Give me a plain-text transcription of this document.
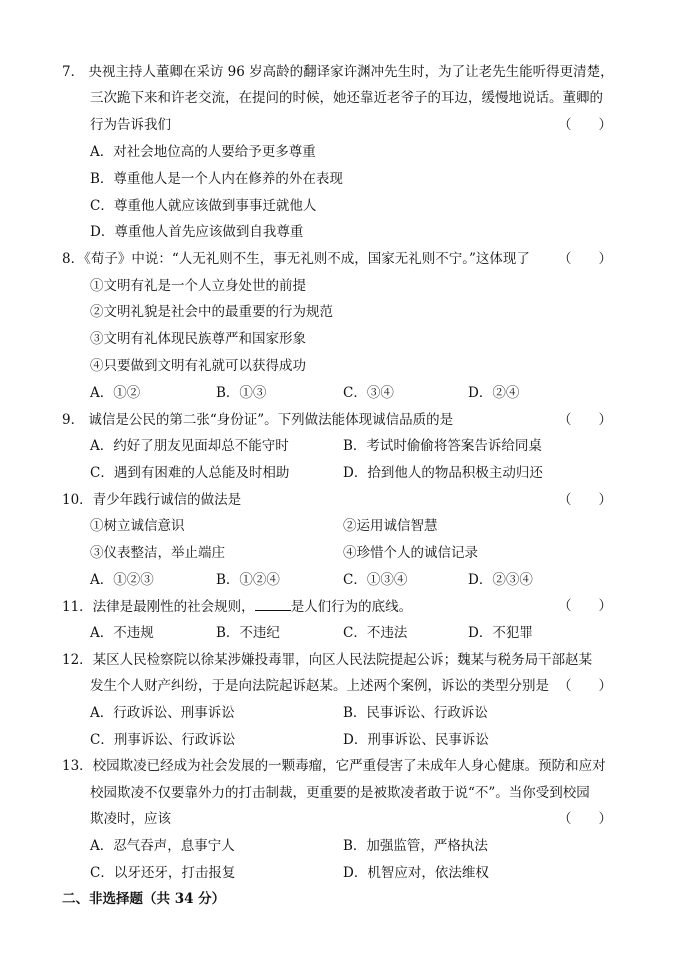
7． 央视主持人董卿在采访 96 岁高龄的翻译家许渊冲先生时，为了让老先生能听得更清楚，
三次跪下来和许老交流，在提问的时候，她还靠近老爷子的耳边，缓慢地说话。董卿的
行为告诉我们	（　　）
A．对社会地位高的人要给予更多尊重
B．尊重他人是一个人内在修养的外在表现
C．尊重他人就应该做到事事迁就他人
D．尊重他人首先应该做到自我尊重
8．《荀子》中说：“人无礼则不生，事无礼则不成，国家无礼则不宁。”这体现了 （　　）
①文明有礼是一个人立身处世的前提
②文明礼貌是社会中的最重要的行为规范
③文明有礼体现民族尊严和国家形象
④只要做到文明有礼就可以获得成功
A．①②	B．①③	C．③④	D．②④
9． 诚信是公民的第二张“身份证”。下列做法能体现诚信品质的是	（　　）
A．约好了朋友见面却总不能守时	B．考试时偷偷将答案告诉给同桌
C．遇到有困难的人总能及时相助	D．拾到他人的物品积极主动归还
10．青少年践行诚信的做法是	（　　）
①树立诚信意识	②运用诚信智慧
③仪表整洁，举止端庄	④珍惜个人的诚信记录
A．①②③	B．①②④	C．①③④	D．②③④
11．法律是最刚性的社会规则，	是人们行为的底线。	（　　）
A．不违规	B．不违纪	C．不违法	D．不犯罪
12．某区人民检察院以徐某涉嫌投毒罪，向区人民法院提起公诉；魏某与税务局干部赵某
发生个人财产纠纷，于是向法院起诉赵某。上述两个案例，诉讼的类型分别是 （　　）
A．行政诉讼、刑事诉讼	B．民事诉讼、行政诉讼
C．刑事诉讼、行政诉讼	D．刑事诉讼、民事诉讼
13．校园欺凌已经成为社会发展的一颗毒瘤，它严重侵害了未成年人身心健康。预防和应对
校园欺凌不仅要靠外力的打击制裁，更重要的是被欺凌者敢于说“不”。当你受到校园
欺凌时，应该	（　　）
A．忍气吞声，息事宁人	B．加强监管，严格执法
C．以牙还牙，打击报复	D．机智应对，依法维权
二、非选择题（共 34 分）
